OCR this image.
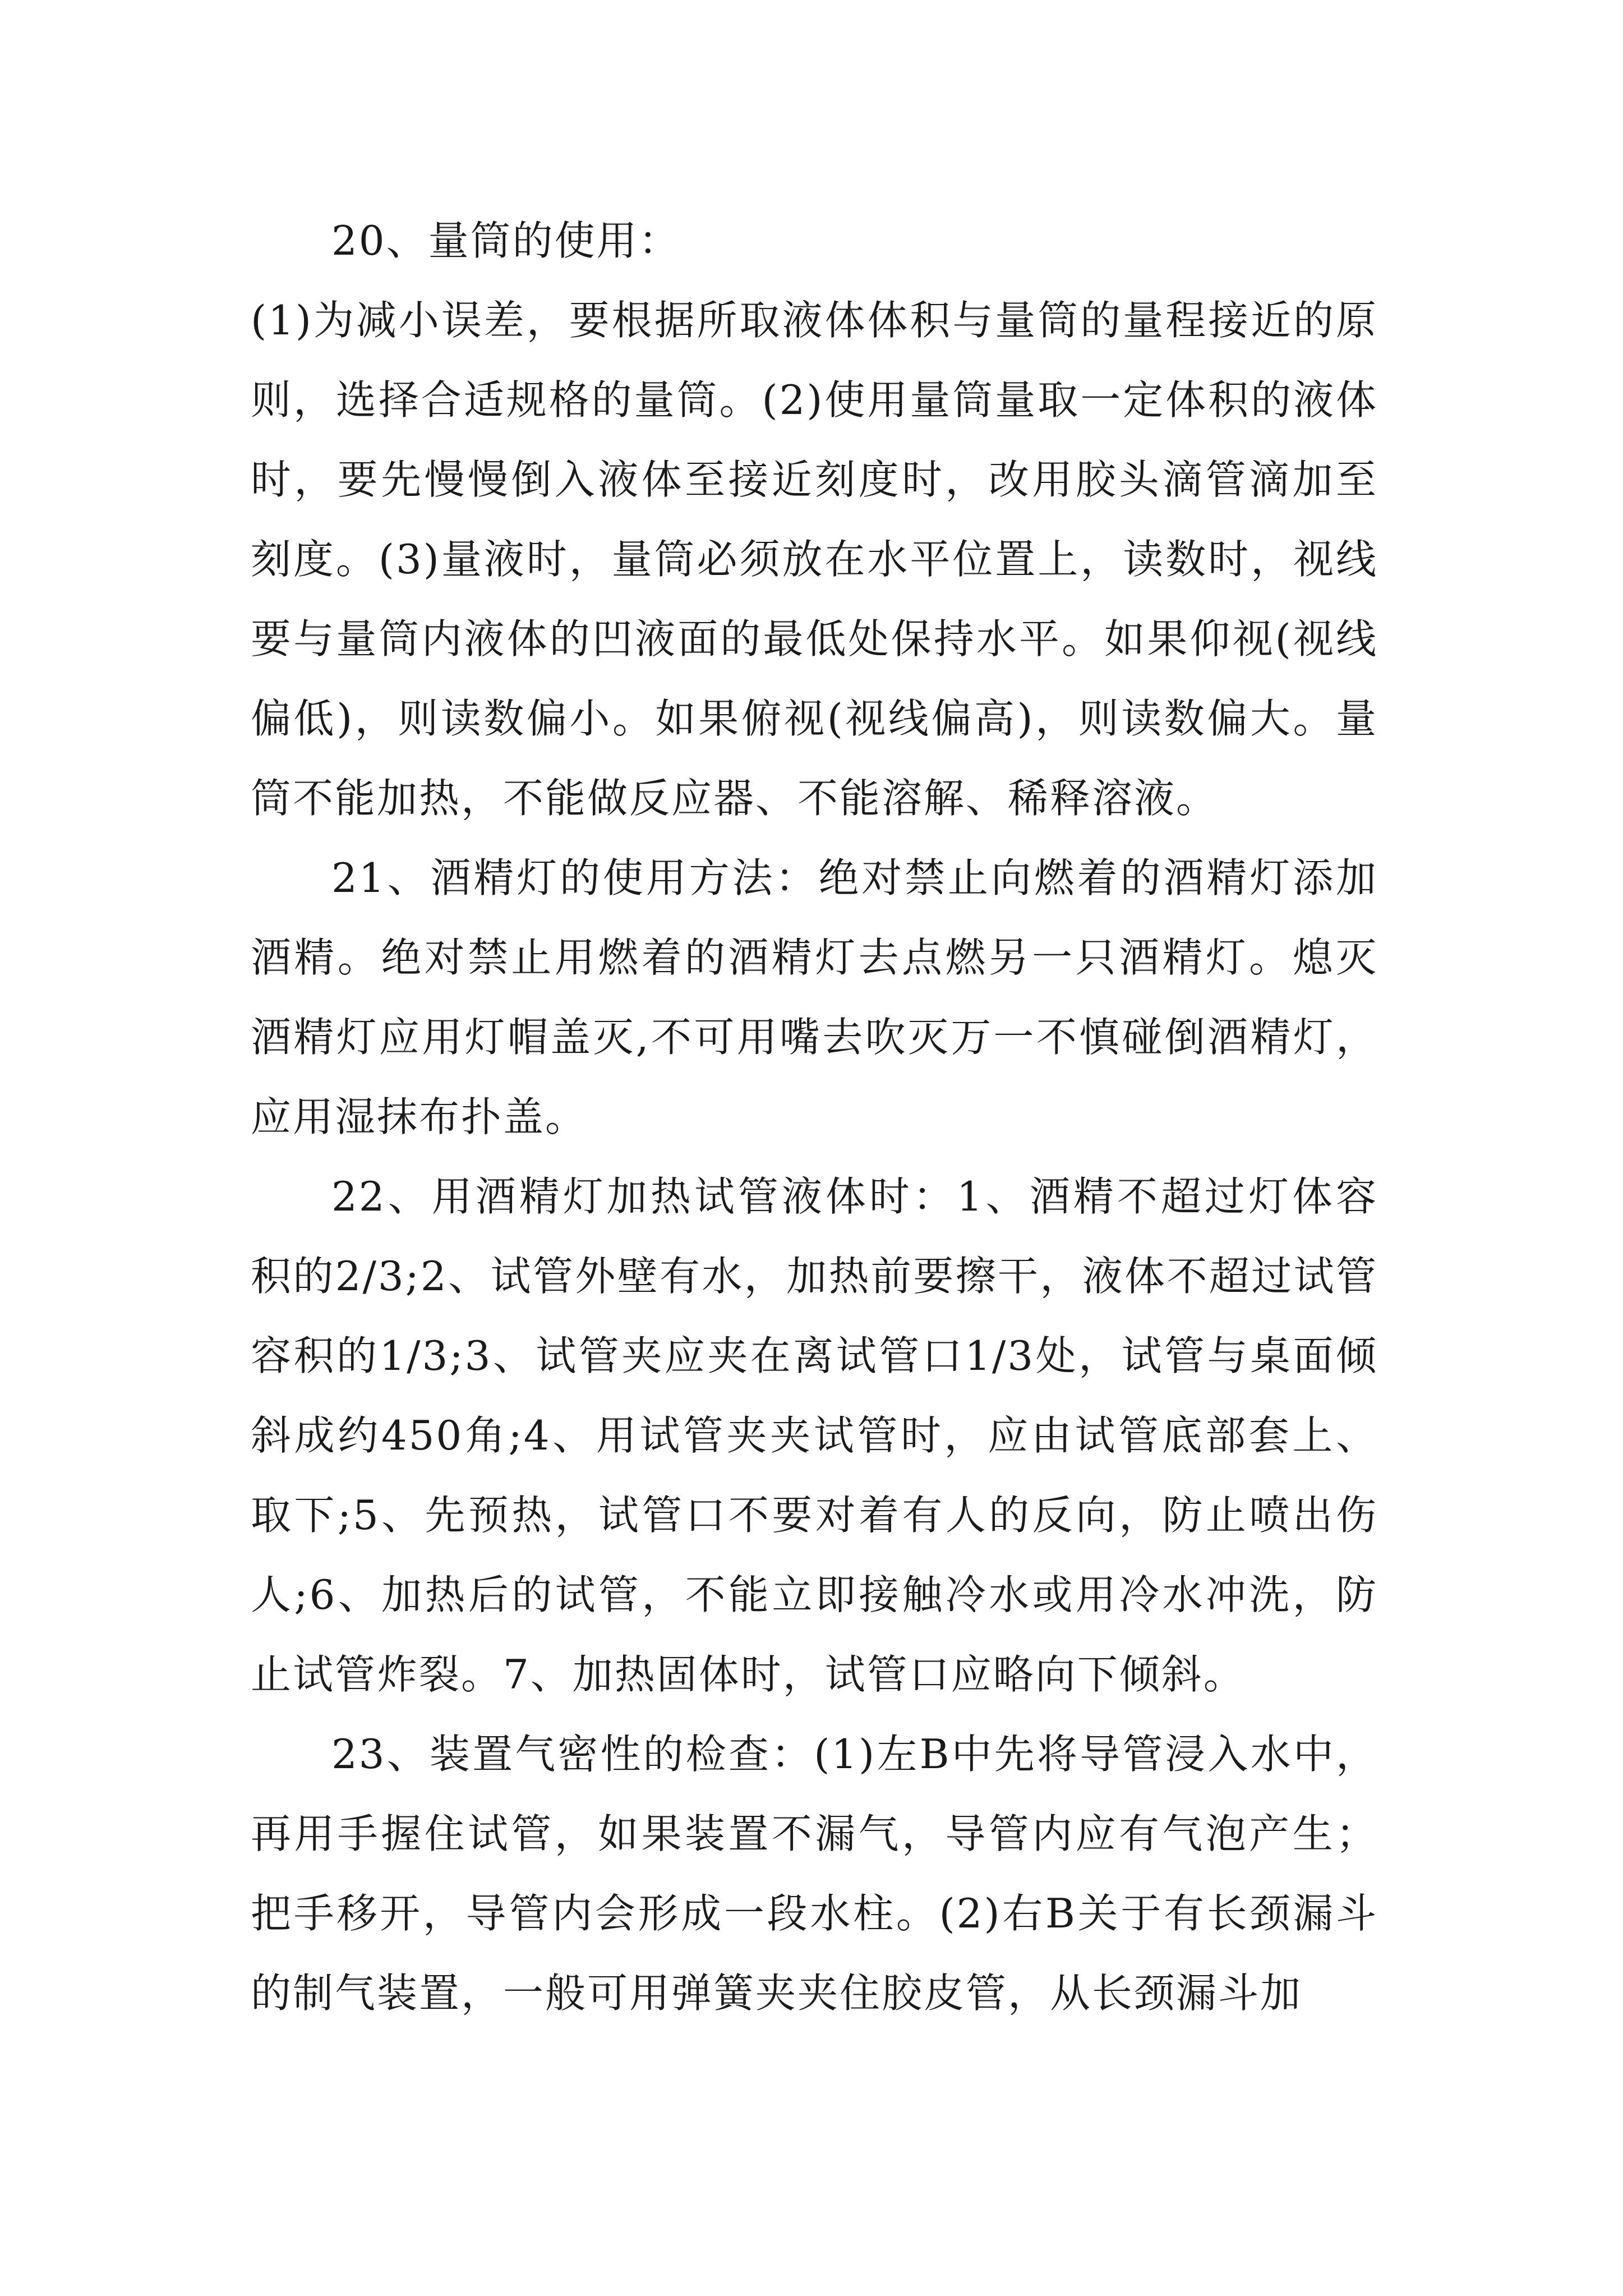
20、量筒的使用：

(1)为减小误差，要根据所取液体体积与量筒的量程接近的原则，选择合适规格的量筒。(2)使用量筒量取一定体积的液体时，要先慢慢倒入液体至接近刻度时，改用胶头滴管滴加至刻度。(3)量液时，量筒必须放在水平位置上，读数时，视线要与量筒内液体的凹液面的最低处保持水平。如果仰视(视线偏低)，则读数偏小。如果俯视(视线偏高)，则读数偏大。量筒不能加热，不能做反应器、不能溶解、稀释溶液。

21、酒精灯的使用方法：绝对禁止向燃着的酒精灯添加酒精。绝对禁止用燃着的酒精灯去点燃另一只酒精灯。熄灭酒精灯应用灯帽盖灭,不可用嘴去吹灭万一不慎碰倒酒精灯，应用湿抹布扑盖。

22、用酒精灯加热试管液体时：1、酒精不超过灯体容积的2/3;2、试管外壁有水，加热前要擦干，液体不超过试管容积的1/3;3、试管夹应夹在离试管口1/3处，试管与桌面倾斜成约450角;4、用试管夹夹试管时，应由试管底部套上、取下;5、先预热，试管口不要对着有人的反向，防止喷出伤人;6、加热后的试管，不能立即接触冷水或用冷水冲洗，防止试管炸裂。7、加热固体时，试管口应略向下倾斜。

23、装置气密性的检查：(1)左B中先将导管浸入水中，再用手握住试管，如果装置不漏气，导管内应有气泡产生；把手移开，导管内会形成一段水柱。(2)右B关于有长颈漏斗的制气装置，一般可用弹簧夹夹住胶皮管，从长颈漏斗加
